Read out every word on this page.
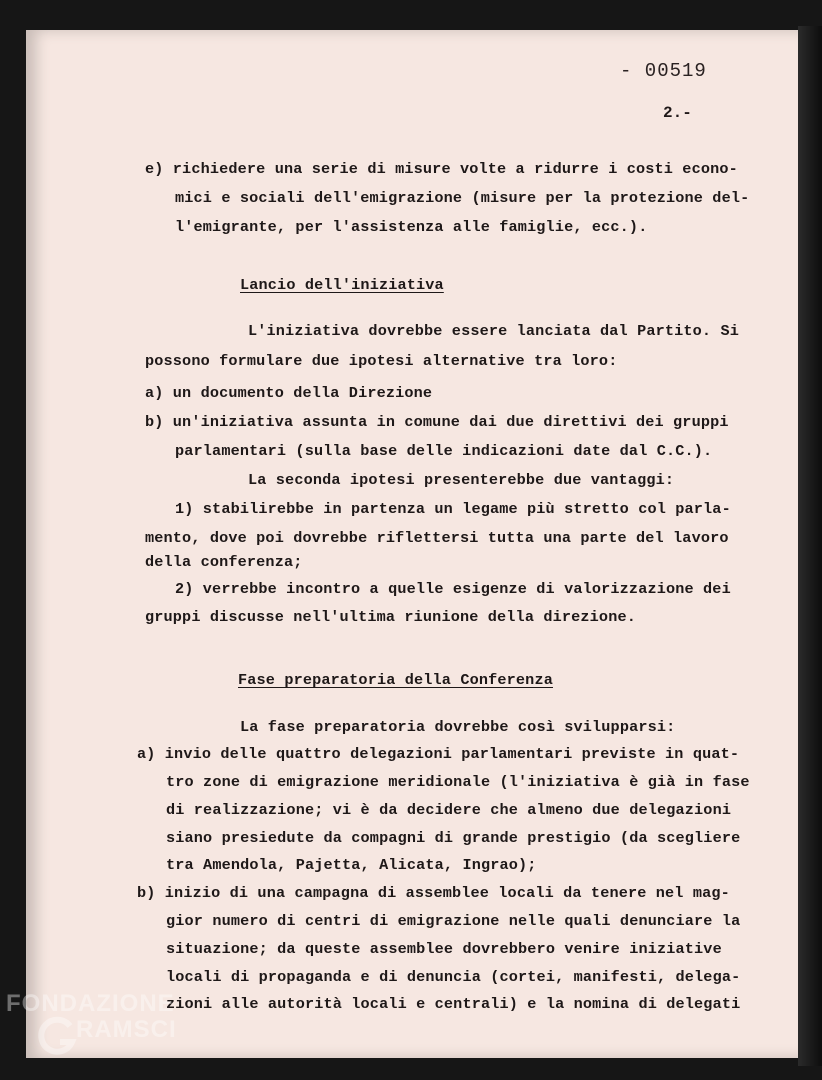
- 00519
2.-
e) richiedere una serie di misure volte a ridurre i costi econo-
mici e sociali dell'emigrazione (misure per la protezione del-
l'emigrante, per l'assistenza alle famiglie, ecc.).
Lancio dell'iniziativa
L'iniziativa dovrebbe essere lanciata dal Partito. Si
possono formulare due ipotesi alternative tra loro:
a) un documento della Direzione
b) un'iniziativa assunta in comune dai due direttivi dei gruppi
parlamentari (sulla base delle indicazioni date dal C.C.).
La seconda ipotesi presenterebbe due vantaggi:
1) stabilirebbe in partenza un legame più stretto col parla-
mento, dove poi dovrebbe riflettersi tutta una parte del lavoro
della conferenza;
2) verrebbe incontro a quelle esigenze di valorizzazione dei
gruppi discusse nell'ultima riunione della direzione.
Fase preparatoria della Conferenza
La fase preparatoria dovrebbe così svilupparsi:
a) invio delle quattro delegazioni parlamentari previste in quat-
tro zone di emigrazione meridionale (l'iniziativa è già in fase
di realizzazione; vi è da decidere che almeno due delegazioni
siano presiedute da compagni di grande prestigio (da scegliere
tra Amendola, Pajetta, Alicata, Ingrao);
b) inizio di una campagna di assemblee locali da tenere nel mag-
gior numero di centri di emigrazione nelle quali denunciare la
situazione; da queste assemblee dovrebbero venire iniziative
locali di propaganda e di denuncia (cortei, manifesti, delega-
zioni alle autorità locali e centrali) e la nomina di delegati
FONDAZIONE
RAMSCI
